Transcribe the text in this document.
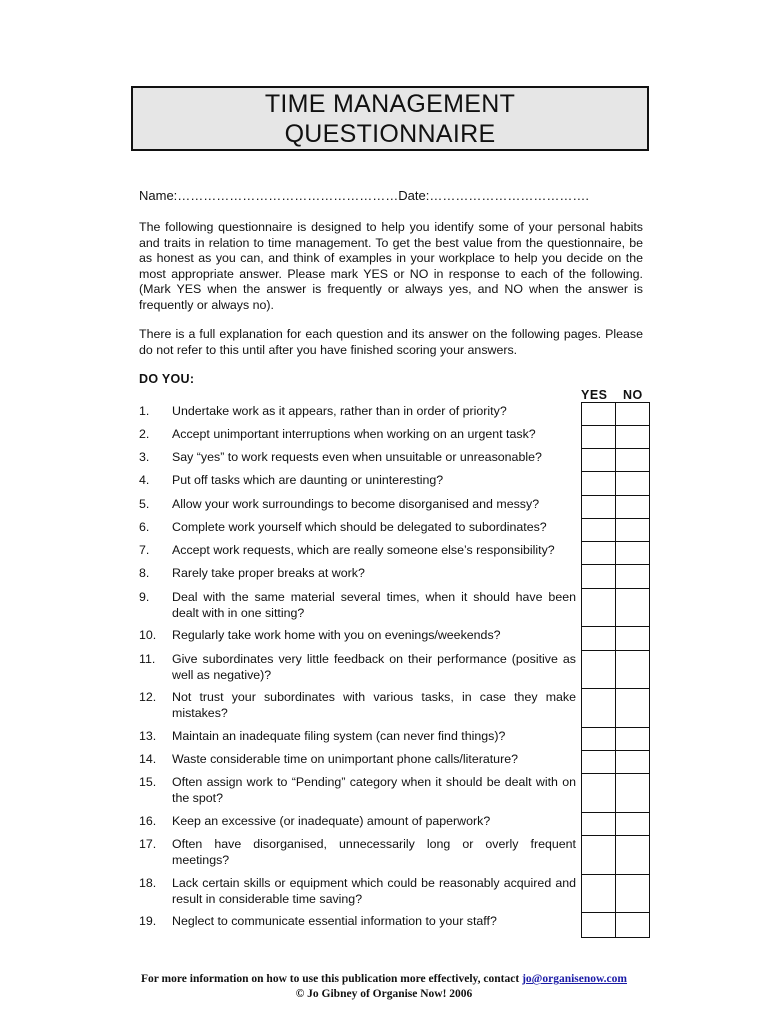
TIME MANAGEMENT
QUESTIONNAIRE
Name:……………………………………………Date:……………………………….

The following questionnaire is designed to help you identify some of your personal habits and traits in relation to time management. To get the best value from the questionnaire, be as honest as you can, and think of examples in your workplace to help you decide on the most appropriate answer. Please mark YES or NO in response to each of the following. (Mark YES when the answer is frequently or always yes, and NO when the answer is frequently or always no).

There is a full explanation for each question and its answer on the following pages. Please do not refer to this until after you have finished scoring your answers.

DO YOU:
YES NO
1. Undertake work as it appears, rather than in order of priority?
2. Accept unimportant interruptions when working on an urgent task?
3. Say “yes” to work requests even when unsuitable or unreasonable?
4. Put off tasks which are daunting or uninteresting?
5. Allow your work surroundings to become disorganised and messy?
6. Complete work yourself which should be delegated to subordinates?
7. Accept work requests, which are really someone else’s responsibility?
8. Rarely take proper breaks at work?
9. Deal with the same material several times, when it should have been dealt with in one sitting?
10. Regularly take work home with you on evenings/weekends?
11. Give subordinates very little feedback on their performance (positive as well as negative)?
12. Not trust your subordinates with various tasks, in case they make mistakes?
13. Maintain an inadequate filing system (can never find things)?
14. Waste considerable time on unimportant phone calls/literature?
15. Often assign work to “Pending” category when it should be dealt with on the spot?
16. Keep an excessive (or inadequate) amount of paperwork?
17. Often have disorganised, unnecessarily long or overly frequent meetings?
18. Lack certain skills or equipment which could be reasonably acquired and result in considerable time saving?
19. Neglect to communicate essential information to your staff?
For more information on how to use this publication more effectively, contact jo@organisenow.com
© Jo Gibney of Organise Now! 2006
